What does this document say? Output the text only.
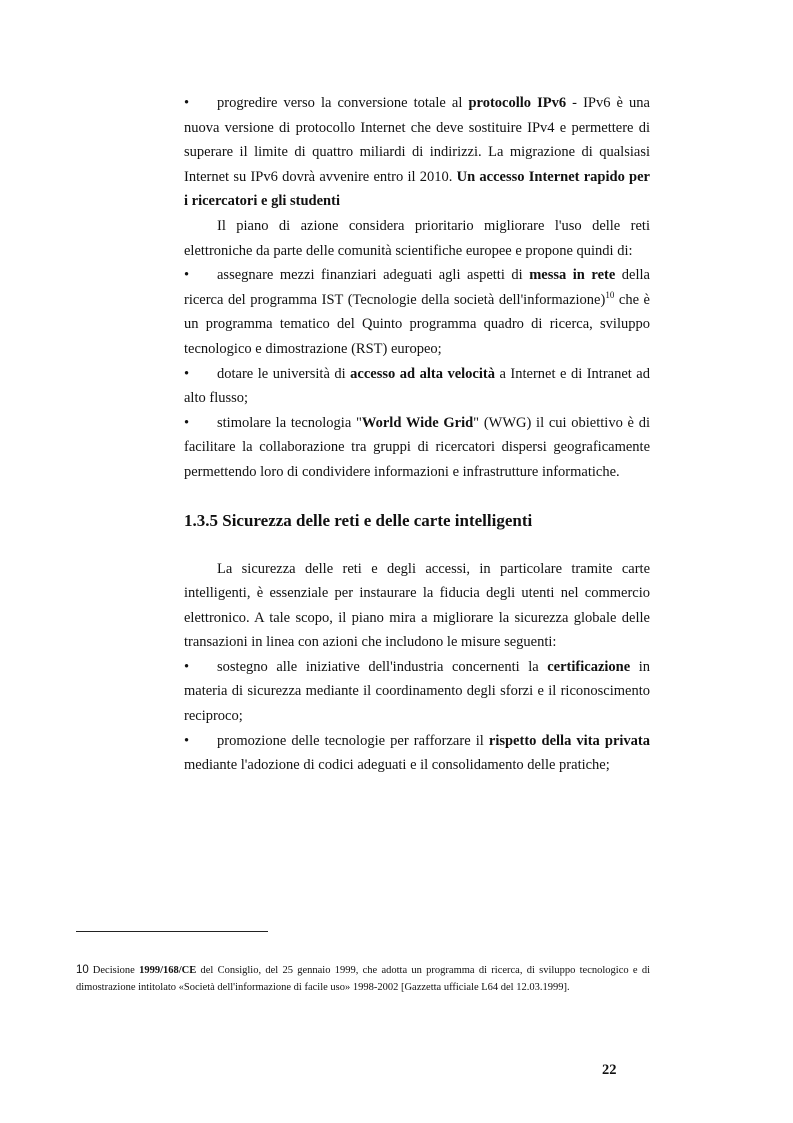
• progredire verso la conversione totale al protocollo IPv6 - IPv6 è una nuova versione di protocollo Internet che deve sostituire IPv4 e permettere di superare il limite di quattro miliardi di indirizzi. La migrazione di qualsiasi Internet su IPv6 dovrà avvenire entro il 2010. Un accesso Internet rapido per i ricercatori e gli studenti

Il piano di azione considera prioritario migliorare l'uso delle reti elettroniche da parte delle comunità scientifiche europee e propone quindi di:

• assegnare mezzi finanziari adeguati agli aspetti di messa in rete della ricerca del programma IST (Tecnologie della società dell'informazione)$^{10}$ che è un programma tematico del Quinto programma quadro di ricerca, sviluppo tecnologico e dimostrazione (RST) europeo;

• dotare le università di accesso ad alta velocità a Internet e di Intranet ad alto flusso;

• stimolare la tecnologia "World Wide Grid" (WWG) il cui obiettivo è di facilitare la collaborazione tra gruppi di ricercatori dispersi geograficamente permettendo loro di condividere informazioni e infrastrutture informatiche.

1.3.5 Sicurezza delle reti e delle carte intelligenti

La sicurezza delle reti e degli accessi, in particolare tramite carte intelligenti, è essenziale per instaurare la fiducia degli utenti nel commercio elettronico. A tale scopo, il piano mira a migliorare la sicurezza globale delle transazioni in linea con azioni che includono le misure seguenti:

• sostegno alle iniziative dell'industria concernenti la certificazione in materia di sicurezza mediante il coordinamento degli sforzi e il riconoscimento reciproco;

• promozione delle tecnologie per rafforzare il rispetto della vita privata mediante l'adozione di codici adeguati e il consolidamento delle pratiche;

10 Decisione 1999/168/CE del Consiglio, del 25 gennaio 1999, che adotta un programma di ricerca, di sviluppo tecnologico e di dimostrazione intitolato «Società dell'informazione di facile uso» 1998-2002 [Gazzetta ufficiale L64 del 12.03.1999].
22
